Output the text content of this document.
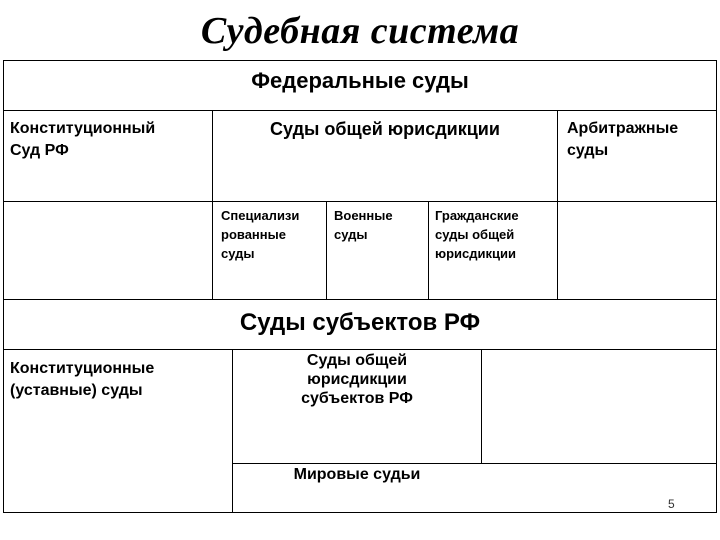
Судебная система
Федеральные суды
Конституционный
Суд РФ
Суды общей юрисдикции	Арбитражные
суды
Специализи
рованные
суды
Военные
суды
Гражданские
суды общей
юрисдикции
Суды субъектов РФ
Конституционные
(уставные) суды
Суды общей
юрисдикции
субъектов РФ
Мировые судьи
5
